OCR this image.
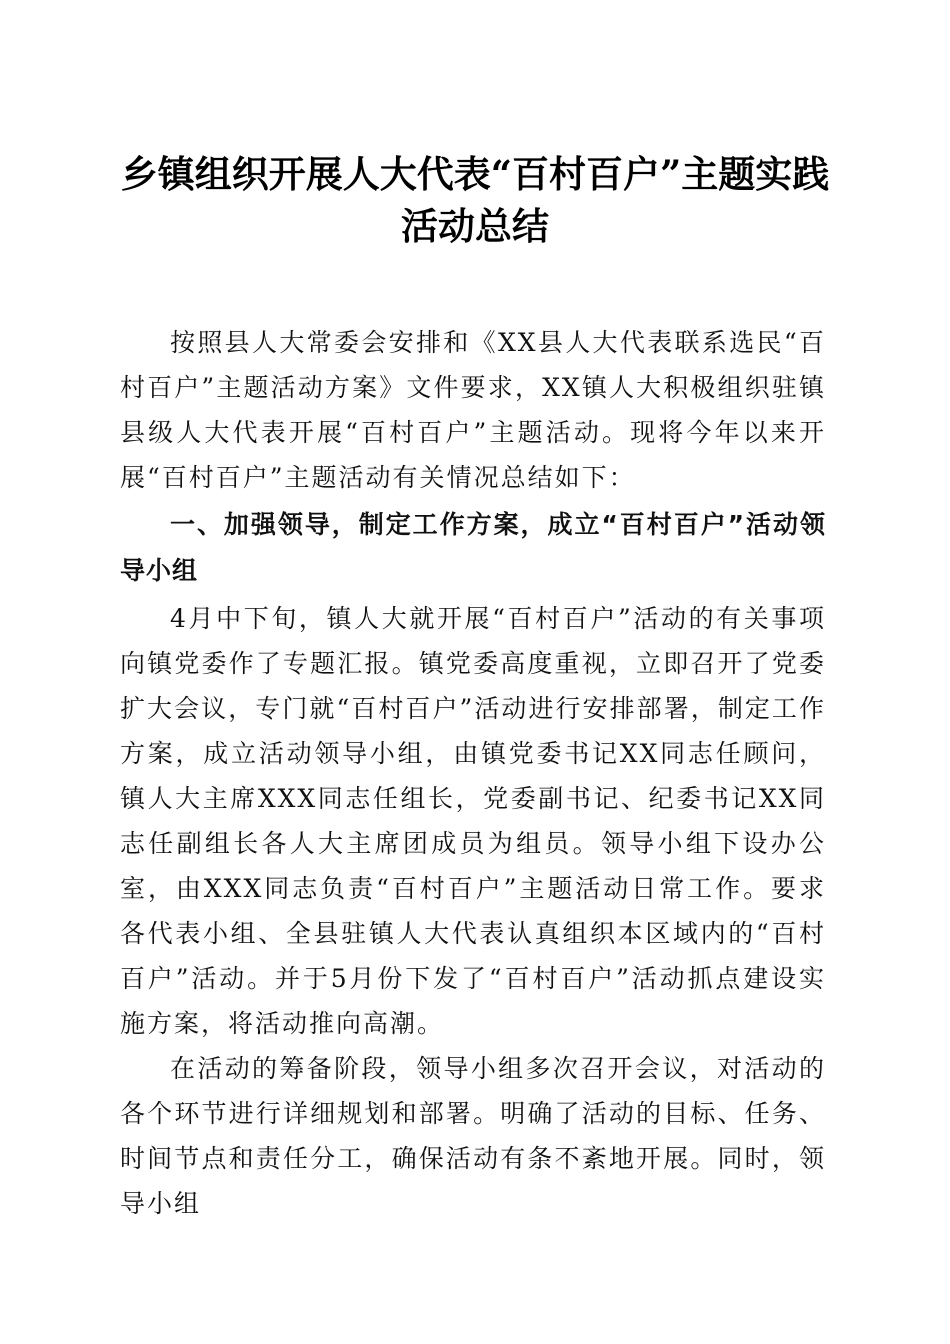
乡镇组织开展人大代表“百村百户”主题实践
活动总结

按照县人大常委会安排和《XX县人大代表联系选民“百村百户”主题活动方案》文件要求，XX镇人大积极组织驻镇县级人大代表开展“百村百户”主题活动。现将今年以来开展“百村百户”主题活动有关情况总结如下：

一、加强领导，制定工作方案，成立“百村百户”活动领导小组

4月中下旬，镇人大就开展“百村百户”活动的有关事项向镇党委作了专题汇报。镇党委高度重视，立即召开了党委扩大会议，专门就“百村百户”活动进行安排部署，制定工作方案，成立活动领导小组，由镇党委书记XX同志任顾问，镇人大主席XXX同志任组长，党委副书记、纪委书记XX同志任副组长各人大主席团成员为组员。领导小组下设办公室，由XXX同志负责“百村百户”主题活动日常工作。要求各代表小组、全县驻镇人大代表认真组织本区域内的“百村百户”活动。并于5月份下发了“百村百户”活动抓点建设实施方案，将活动推向高潮。

在活动的筹备阶段，领导小组多次召开会议，对活动的各个环节进行详细规划和部署。明确了活动的目标、任务、时间节点和责任分工，确保活动有条不紊地开展。同时，领导小组
